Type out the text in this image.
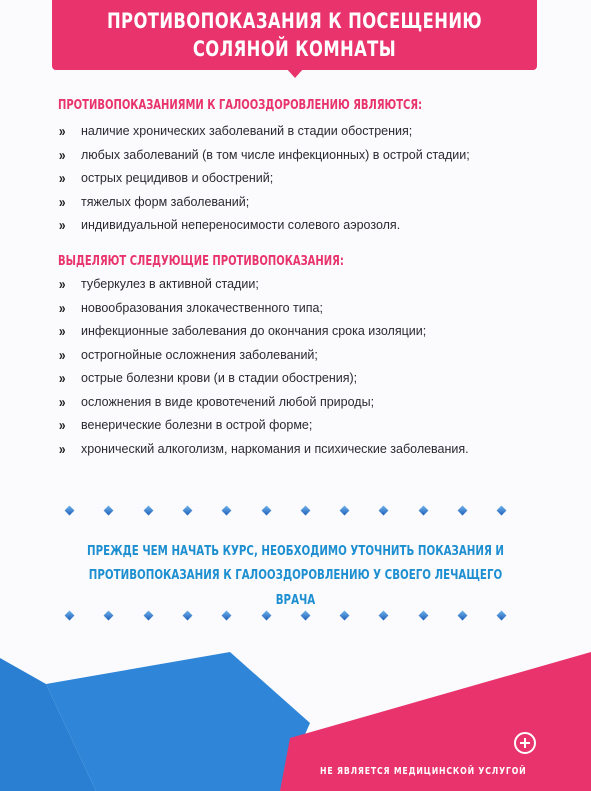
ПРОТИВОПОКАЗАНИЯ К ПОСЕЩЕНИЮ
СОЛЯНОЙ КОМНАТЫ
ПРОТИВОПОКАЗАНИЯМИ К ГАЛООЗДОРОВЛЕНИЮ ЯВЛЯЮТСЯ:
» наличие хронических заболеваний в стадии обострения;
» любых заболеваний (в том числе инфекционных) в острой стадии;
» острых рецидивов и обострений;
» тяжелых форм заболеваний;
» индивидуальной непереносимости солевого аэрозоля.
ВЫДЕЛЯЮТ СЛЕДУЮЩИЕ ПРОТИВОПОКАЗАНИЯ:
» туберкулез в активной стадии;
» новообразования злокачественного типа;
» инфекционные заболевания до окончания срока изоляции;
» острогнойные осложнения заболеваний;
» острые болезни крови (и в стадии обострения);
» осложнения в виде кровотечений любой природы;
» венерические болезни в острой форме;
» хронический алкоголизм, наркомания и психические заболевания.
ПРЕЖДЕ ЧЕМ НАЧАТЬ КУРС, НЕОБХОДИМО УТОЧНИТЬ ПОКАЗАНИЯ И
ПРОТИВОПОКАЗАНИЯ К ГАЛООЗДОРОВЛЕНИЮ У СВОЕГО ЛЕЧАЩЕГО ВРАЧА
НЕ ЯВЛЯЕТСЯ МЕДИЦИНСКОЙ УСЛУГОЙ
